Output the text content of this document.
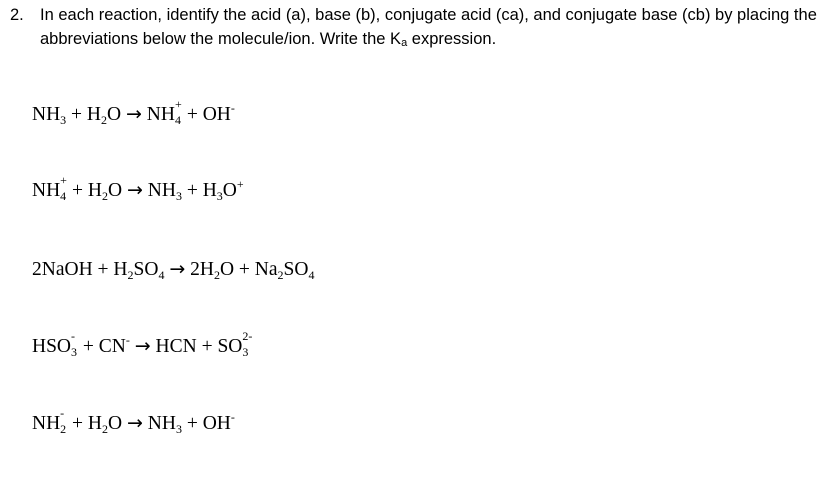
2. In each reaction, identify the acid (a), base (b), conjugate acid (ca), and conjugate base (cb) by placing the abbreviations below the molecule/ion. Write the Ka expression.
$NH_3 + H_2O$ → NH 4
+ + OH-
NH 4
+ + $H_2O \to NH_3 + H_3O^+$
2NaOH + $H_2SO_4 \to 2H_2O + Na_2SO_4$
HSO 3
- + CN- → HCN + SO 3
2-
NH 2
- + $H_2O \to NH_3 + OH^-$
